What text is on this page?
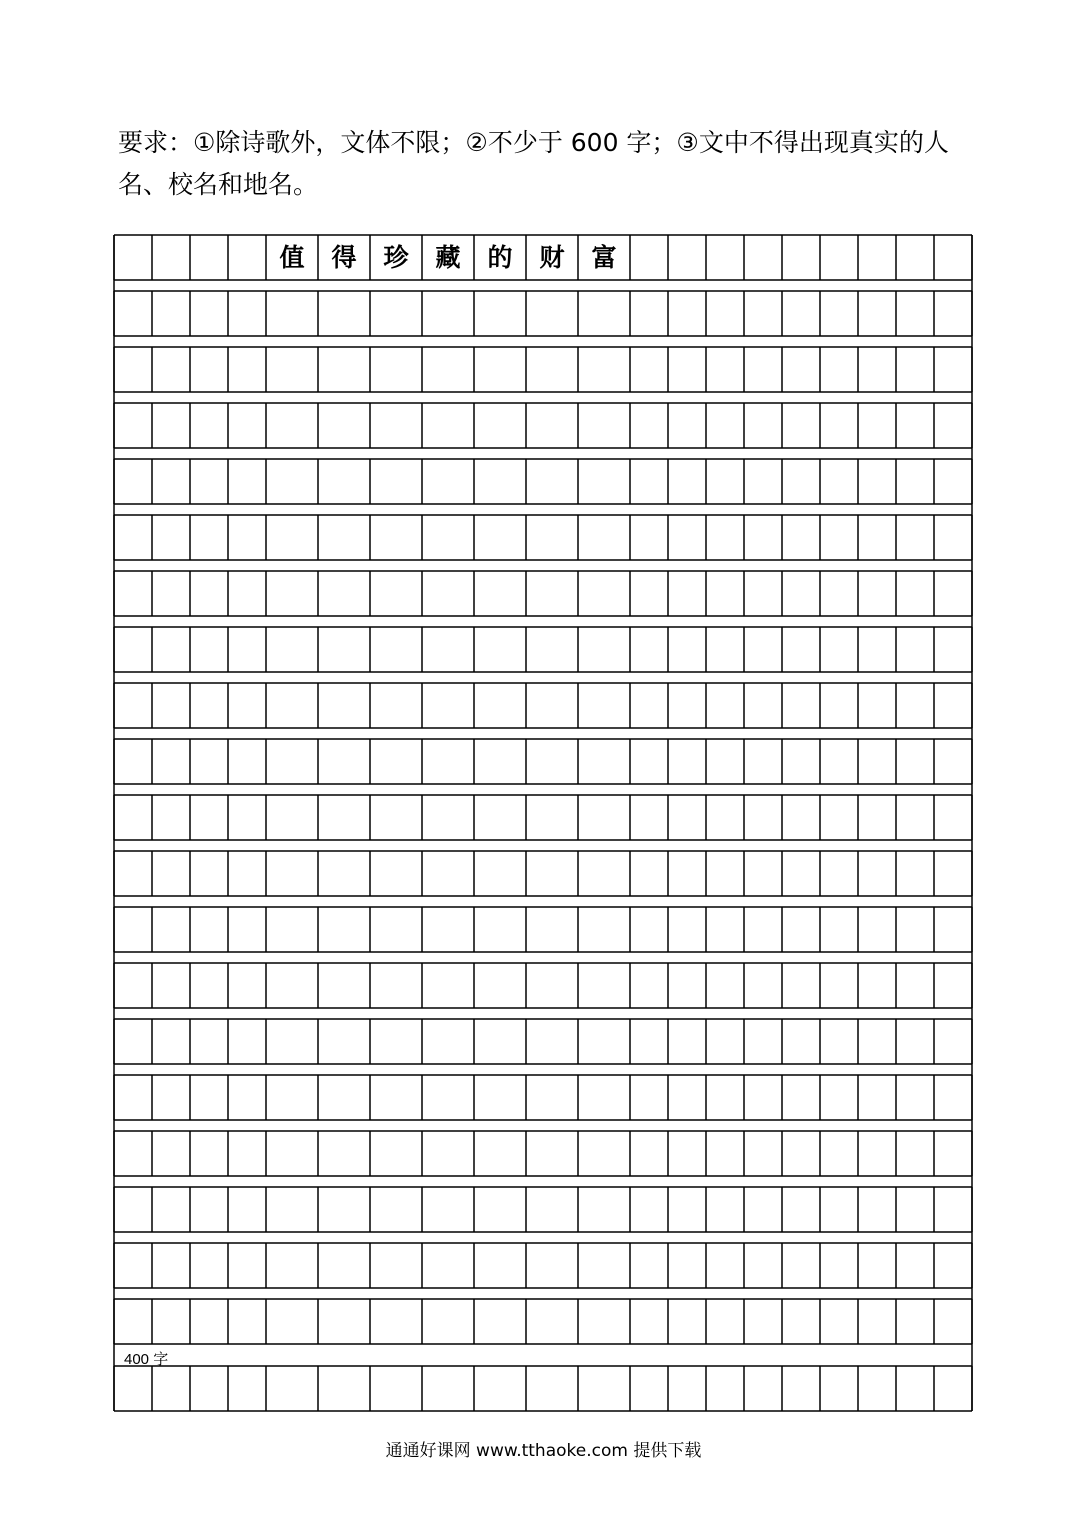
要求：①除诗歌外，文体不限；②不少于 600 字；③文中不得出现真实的人

名、校名和地名。

值 得 珍 藏 的 财 富
400 字
通通好课网 www.tthaoke.com 提供下载
